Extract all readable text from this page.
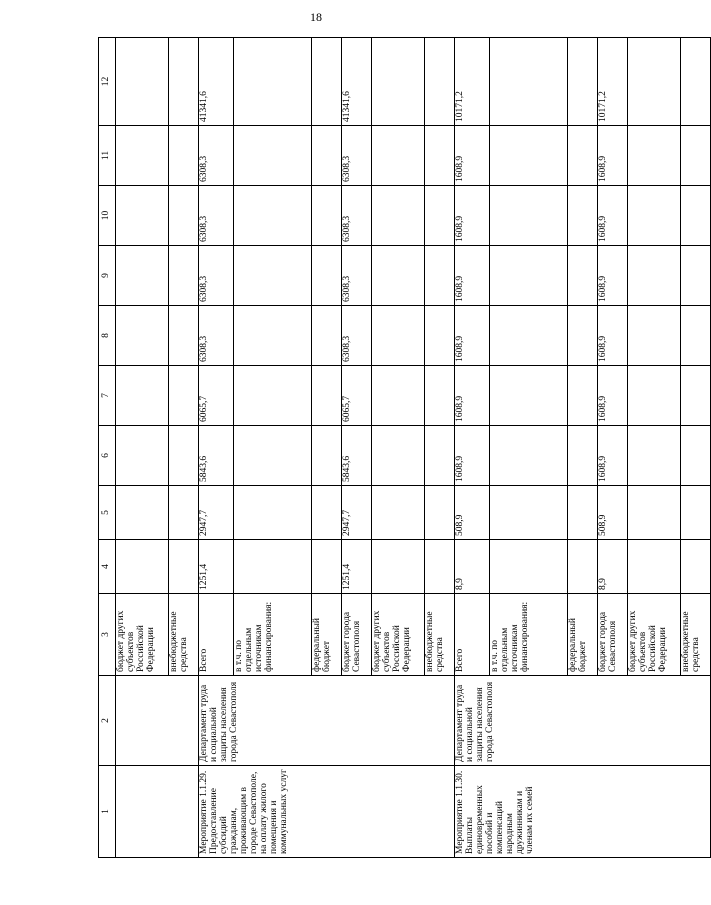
18
1	2	3	4	5	6	7	8	9	10	11	12
		бюджет других субъектов Российской Федерации									
		внебюджетные средства									
Мероприятие 1.1.29. Предоставление субсидий гражданам, проживающим в городе Севастополе, на оплату жилого помещения и коммунальных услуг	Департамент труда и социальной защиты населения города Севастополя	Всего	1251,4	2947,7	5843,6	6065,7	6308,3	6308,3	6308,3	6308,3	41341,6
		в т.ч. по отдельным источникам финансирования:									
		федеральный бюджет									
		бюджет города Севастополя	1251,4	2947,7	5843,6	6065,7	6308,3	6308,3	6308,3	6308,3	41341,6
		бюджет других субъектов Российской Федерации									
		внебюджетные средства									
Мероприятие 1.1.30. Выплаты единовременных пособий и компенсаций народным дружинникам и членам их семей	Департамент труда и социальной защиты населения города Севастополя	Всего	8,9	508,9	1608,9	1608,9	1608,9	1608,9	1608,9	1608,9	10171,2
		в т.ч. по отдельным источникам финансирования:									
		федеральный бюджет									
		бюджет города Севастополя	8,9	508,9	1608,9	1608,9	1608,9	1608,9	1608,9	1608,9	10171,2
		бюджет других субъектов Российской Федерации									
		внебюджетные средства									
